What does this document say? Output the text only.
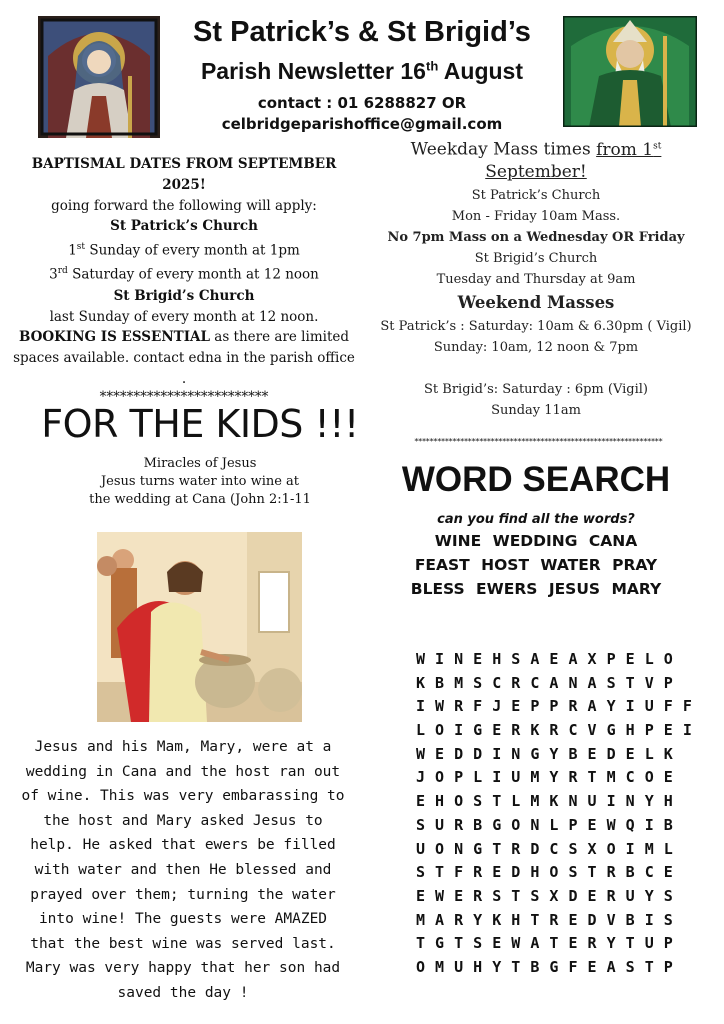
St Patrick’s & St Brigid’s
Parish Newsletter 16th August
contact : 01 6288827 OR
celbridgeparishoffice@gmail.com
BAPTISMAL DATES FROM SEPTEMBER 2025!
going forward the following will apply:
St Patrick’s Church
1st Sunday of every month at 1pm
3rd Saturday of every month at 12 noon
St Brigid’s Church
last Sunday of every month at 12 noon.
BOOKING IS ESSENTIAL as there are limited spaces available. contact edna in the parish office .
*************************
FOR THE KIDS !!!
Miracles of Jesus
Jesus turns water into wine at
the wedding at Cana (John 2:1-11
Jesus and his Mam, Mary, were at a wedding in Cana and the host ran out of wine. This was very embarassing to the host and Mary asked Jesus to help. He asked that ewers be filled with water and then He blessed and prayed over them; turning the water into wine! The guests were AMAZED that the best wine was served last. Mary was very happy that her son had saved the day !
Weekday Mass times from 1st
September!
St Patrick’s Church
Mon - Friday 10am Mass.
No 7pm Mass on a Wednesday OR Friday
St Brigid’s Church
Tuesday and Thursday at 9am
Weekend Masses
St Patrick’s : Saturday: 10am & 6.30pm ( Vigil)
Sunday: 10am, 12 noon & 7pm
St Brigid’s: Saturday : 6pm (Vigil)
Sunday 11am
*****************************************************************
WORD SEARCH
can you find all the words?
WINE WEDDING CANA
FEAST HOST WATER PRAY
BLESS EWERS JESUS MARY
W I N E H S A E A X P E L O
K B M S C R C A N A S T V P
I W R F J E P P R A Y I U F F
L O I G E R K R C V G H P E I
W E D D I N G Y B E D E L K
J O P L I U M Y R T M C O E
E H O S T L M K N U I N Y H
S U R B G O N L P E W Q I B
U O N G T R D C S X O I M L
S T F R E D H O S T R B C E
E W E R S T S X D E R U Y S
M A R Y K H T R E D V B I S
T G T S E W A T E R Y T U P
O M U H Y T B G F E A S T P
